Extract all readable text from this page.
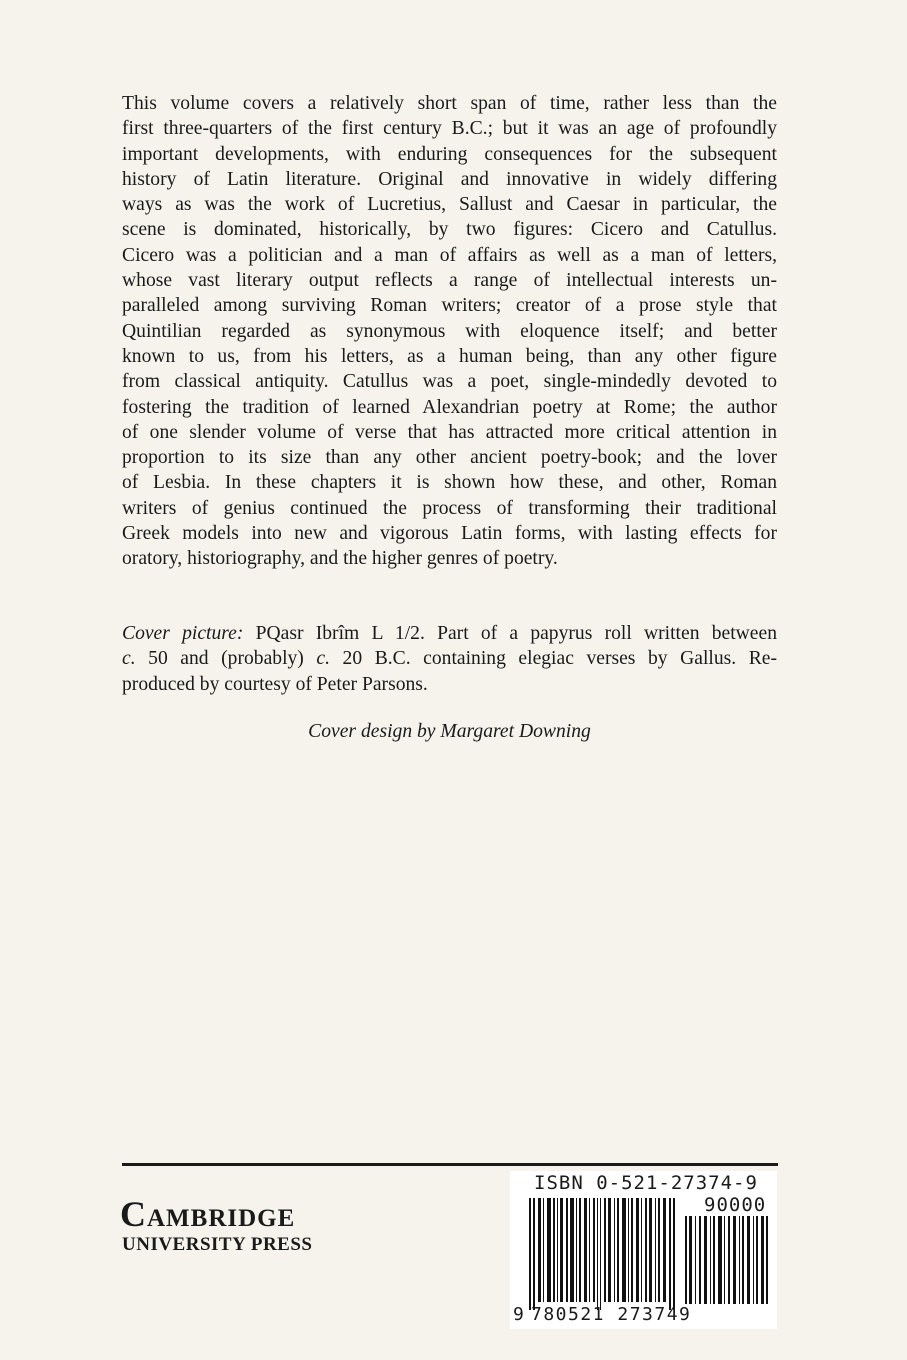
This volume covers a relatively short span of time, rather less than the
first three-quarters of the first century B.C.; but it was an age of profoundly
important developments, with enduring consequences for the subsequent
history of Latin literature. Original and innovative in widely differing
ways as was the work of Lucretius, Sallust and Caesar in particular, the
scene is dominated, historically, by two figures: Cicero and Catullus.
Cicero was a politician and a man of affairs as well as a man of letters,
whose vast literary output reflects a range of intellectual interests un-
paralleled among surviving Roman writers; creator of a prose style that
Quintilian regarded as synonymous with eloquence itself; and better
known to us, from his letters, as a human being, than any other figure
from classical antiquity. Catullus was a poet, single-mindedly devoted to
fostering the tradition of learned Alexandrian poetry at Rome; the author
of one slender volume of verse that has attracted more critical attention in
proportion to its size than any other ancient poetry-book; and the lover
of Lesbia. In these chapters it is shown how these, and other, Roman
writers of genius continued the process of transforming their traditional
Greek models into new and vigorous Latin forms, with lasting effects for
oratory, historiography, and the higher genres of poetry.
Cover picture: PQasr Ibrîm L 1/2. Part of a papyrus roll written between
c. 50 and (probably) c. 20 B.C. containing elegiac verses by Gallus. Re-
produced by courtesy of Peter Parsons.
Cover design by Margaret Downing
Cambridge
UNIVERSITY PRESS
ISBN 0-521-27374-9
90000
9 780521 273749
